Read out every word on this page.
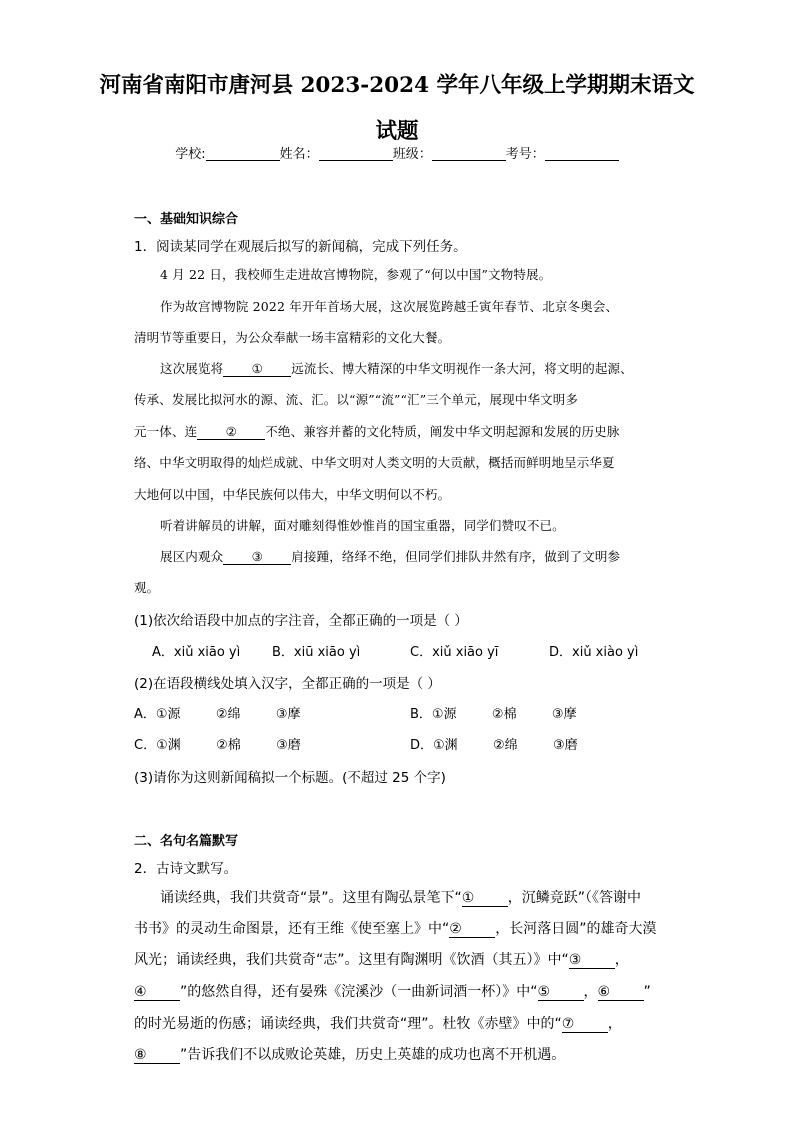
河南省南阳市唐河县 2023-2024 学年八年级上学期期末语文
试题
学校:	姓名：	班级：	考号：
一、基础知识综合
1．阅读某同学在观展后拟写的新闻稿，完成下列任务。
4 月 22 日，我校师生走进故宫博物院，参观了“何以中国”文物特展。
作为故宫博物院 2022 年开年首场大展，这次展览跨越壬寅年春节、北京冬奥会、
清明节等重要日，为公众奉献一场丰富精彩的文化大餐。
这次展览将 ① 远流长、博大精深的中华文明视作一条大河，将文明的起源、
传承、发展比拟河水的源、流、汇。以“源”“流”“汇”三个单元，展现中华文明多
元一体、连 ② 不绝、兼容并蓄的文化特质，阐发中华文明起源和发展的历史脉
络、中华文明取得的灿烂成就、中华文明对人类文明的大贡献，概括而鲜明地呈示华夏
大地何以中国，中华民族何以伟大，中华文明何以不朽。
听着讲解员的讲解，面对雕刻得惟妙惟肖的国宝重器，同学们赞叹不已。
展区内观众 ③ 肩接踵，络绎不绝，但同学们排队井然有序，做到了文明参
观。
(1)依次给语段中加点的字注音，全都正确的一项是（ ）
A．xiǔ xiāo yì B．xiū xiāo yì	C．xiǔ xiāo yī	D．xiǔ xiào yì
(2)在语段横线处填入汉字，全都正确的一项是（ ）
A．①源	②绵	③摩	B．①源	②棉	③摩
C．①渊	②棉	③磨	D．①渊	②绵	③磨
(3)请你为这则新闻稿拟一个标题。(不超过 25 个字)
二、名句名篇默写
2．古诗文默写。
诵读经典，我们共赏奇“景”。这里有陶弘景笔下“① ，沉鳞竞跃”（《答谢中
书书》的灵动生命图景，还有王维《使至塞上》中“② ，长河落日圆”的雄奇大漠
风光；诵读经典，我们共赏奇“志”。这里有陶渊明《饮酒（其五）》中“③ ，
④ ”的悠然自得，还有晏殊《浣溪沙（一曲新词酒一杯）》中“⑤ ，⑥ ”
的时光易逝的伤感；诵读经典，我们共赏奇“理”。杜牧《赤壁》中的“⑦ ，
⑧ ”告诉我们不以成败论英雄，历史上英雄的成功也离不开机遇。
